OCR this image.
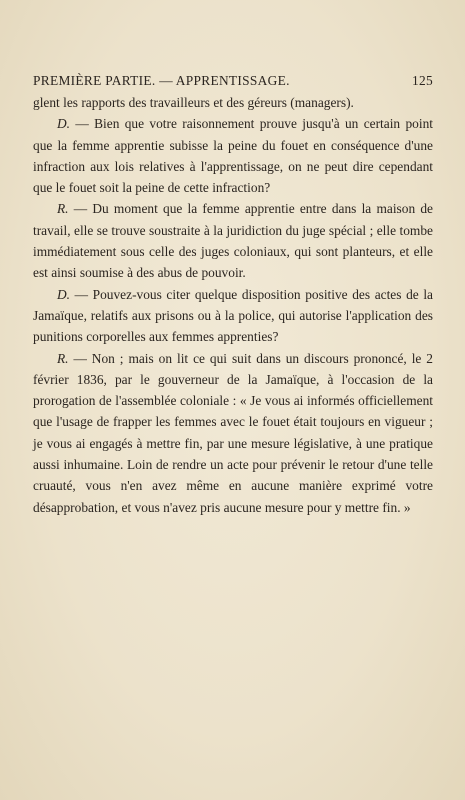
PREMIÈRE PARTIE. — APPRENTISSAGE.	125

glent les rapports des travailleurs et des géreurs (managers).

D. — Bien que votre raisonnement prouve jusqu'à un certain point que la femme apprentie subisse la peine du fouet en conséquence d'une infraction aux lois relatives à l'apprentissage, on ne peut dire cependant que le fouet soit la peine de cette infraction?

R. — Du moment que la femme apprentie entre dans la maison de travail, elle se trouve soustraite à la juridiction du juge spécial ; elle tombe immédiatement sous celle des juges coloniaux, qui sont planteurs, et elle est ainsi soumise à des abus de pouvoir.

D. — Pouvez-vous citer quelque disposition positive des actes de la Jamaïque, relatifs aux prisons ou à la police, qui autorise l'application des punitions corporelles aux femmes apprenties?

R. — Non ; mais on lit ce qui suit dans un discours prononcé, le 2 février 1836, par le gouverneur de la Jamaïque, à l'occasion de la prorogation de l'assemblée coloniale : « Je vous ai informés officiellement que l'usage de frapper les femmes avec le fouet était toujours en vigueur ; je vous ai engagés à mettre fin, par une mesure législative, à une pratique aussi inhumaine. Loin de rendre un acte pour prévenir le retour d'une telle cruauté, vous n'en avez même en aucune manière exprimé votre désapprobation, et vous n'avez pris aucune mesure pour y mettre fin. »
